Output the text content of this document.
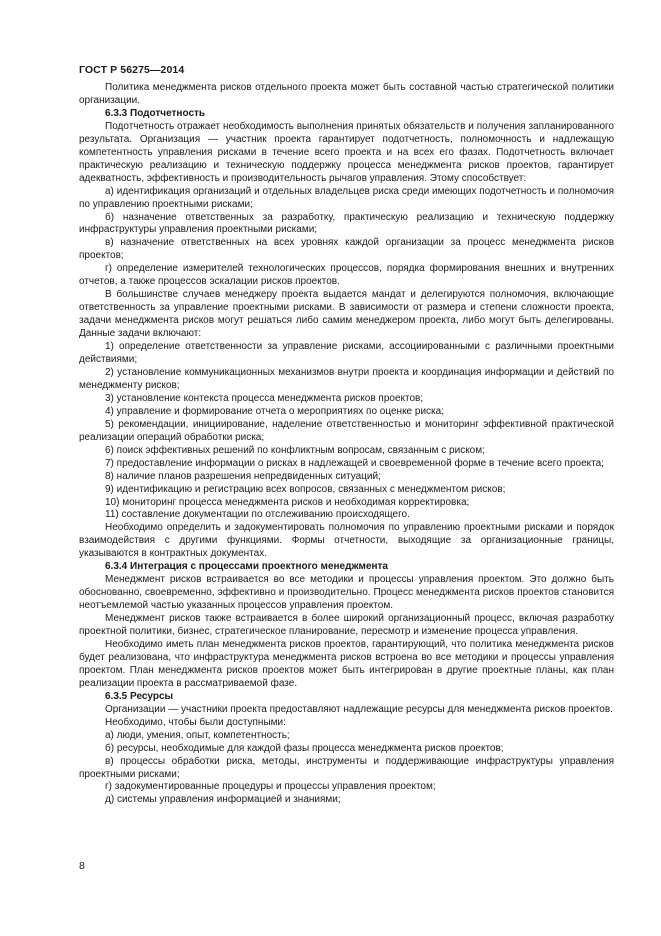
ГОСТ Р 56275—2014

Политика менеджмента рисков отдельного проекта может быть составной частью стратегической политики организации.

6.3.3 Подотчетность

Подотчетность отражает необходимость выполнения принятых обязательств и получения запланированного результата. Организация — участник проекта гарантирует подотчетность, полномочность и надлежащую компетентность управления рисками в течение всего проекта и на всех его фазах. Подотчетность включает практическую реализацию и техническую поддержку процесса менеджмента рисков проектов, гарантирует адекватность, эффективность и производительность рычагов управления. Этому способствует:

а) идентификация организаций и отдельных владельцев риска среди имеющих подотчетность и полномочия по управлению проектными рисками;

б) назначение ответственных за разработку, практическую реализацию и техническую поддержку инфраструктуры управления проектными рисками;

в) назначение ответственных на всех уровнях каждой организации за процесс менеджмента рисков проектов;

г) определение измерителей технологических процессов, порядка формирования внешних и внутренних отчетов, а также процессов эскалации рисков проектов.

В большинстве случаев менеджеру проекта выдается мандат и делегируются полномочия, включающие ответственность за управление проектными рисками. В зависимости от размера и степени сложности проекта, задачи менеджмента рисков могут решаться либо самим менеджером проекта, либо могут быть делегированы. Данные задачи включают:

1) определение ответственности за управление рисками, ассоциированными с различными проектными действиями;

2) установление коммуникационных механизмов внутри проекта и координация информации и действий по менеджменту рисков;

3) установление контекста процесса менеджмента рисков проектов;

4) управление и формирование отчета о мероприятиях по оценке риска;

5) рекомендации, инициирование, наделение ответственностью и мониторинг эффективной практической реализации операций обработки риска;

6) поиск эффективных решений по конфликтным вопросам, связанным с риском;

7) предоставление информации о рисках в надлежащей и своевременной форме в течение всего проекта;

8) наличие планов разрешения непредвиденных ситуаций;

9) идентификацию и регистрацию всех вопросов, связанных с менеджментом рисков;

10) мониторинг процесса менеджмента рисков и необходимая корректировка;

11) составление документации по отслеживанию происходящего.

Необходимо определить и задокументировать полномочия по управлению проектными рисками и порядок взаимодействия с другими функциями. Формы отчетности, выходящие за организационные границы, указываются в контрактных документах.

6.3.4 Интеграция с процессами проектного менеджмента

Менеджмент рисков встраивается во все методики и процессы управления проектом. Это должно быть обоснованно, своевременно, эффективно и производительно. Процесс менеджмента рисков проектов становится неотъемлемой частью указанных процессов управления проектом.

Менеджмент рисков также встраивается в более широкий организационный процесс, включая разработку проектной политики, бизнес, стратегическое планирование, пересмотр и изменение процесса управления.

Необходимо иметь план менеджмента рисков проектов, гарантирующий, что политика менеджмента рисков будет реализована, что инфраструктура менеджмента рисков встроена во все методики и процессы управления проектом. План менеджмента рисков проектов может быть интегрирован в другие проектные планы, как план реализации проекта в рассматриваемой фазе.

6.3.5 Ресурсы

Организации — участники проекта предоставляют надлежащие ресурсы для менеджмента рисков проектов.

Необходимо, чтобы были доступными:

а) люди, умения, опыт, компетентность;

б) ресурсы, необходимые для каждой фазы процесса менеджмента рисков проектов;

в) процессы обработки риска, методы, инструменты и поддерживающие инфраструктуры управления проектными рисками;

г) задокументированные процедуры и процессы управления проектом;

д) системы управления информацией и знаниями;

8
